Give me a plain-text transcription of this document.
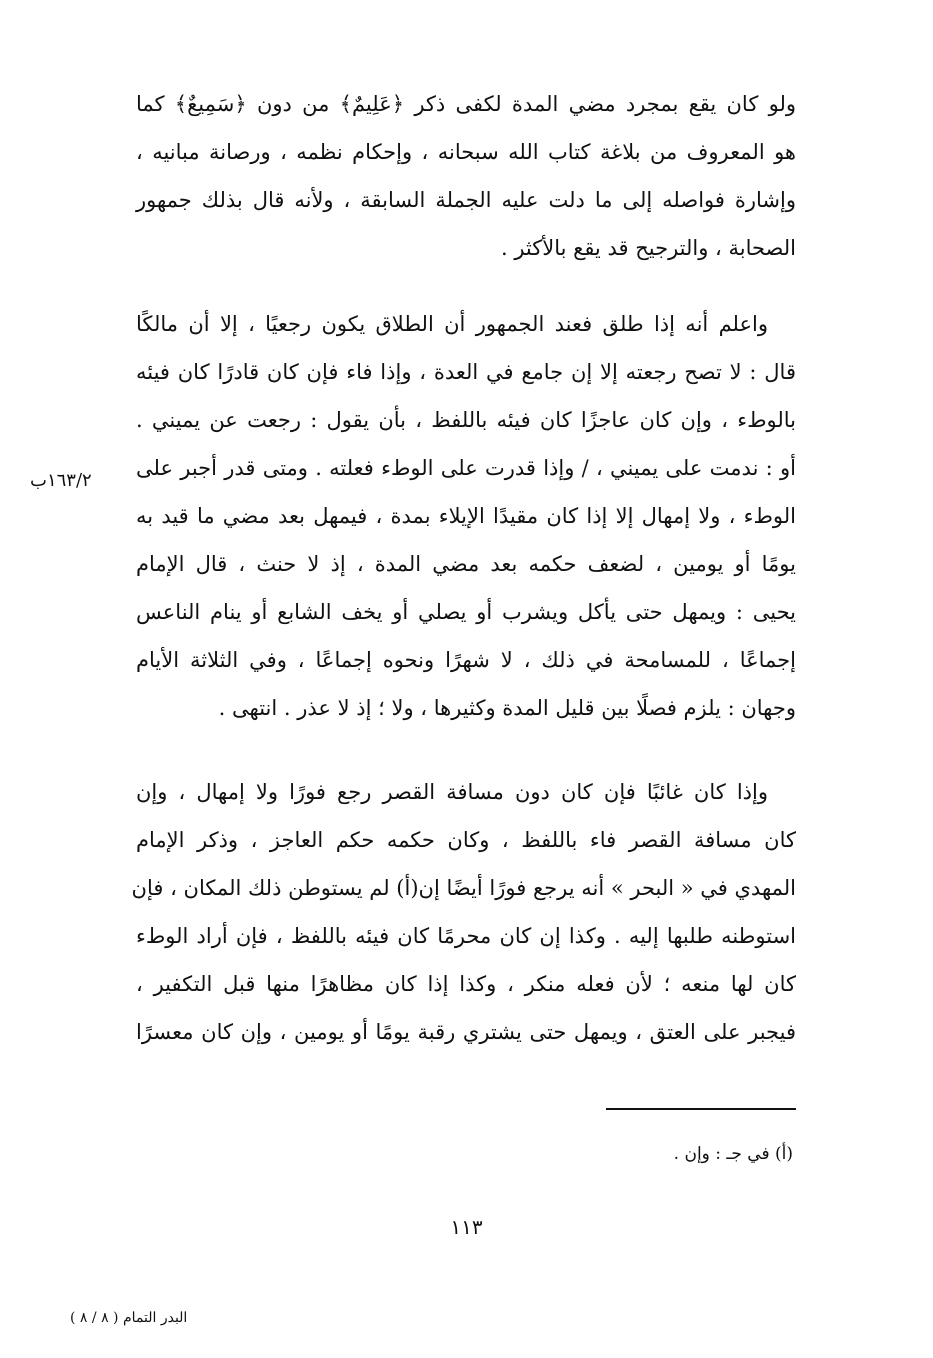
ولو كان يقع بمجرد مضي المدة لكفى ذكر ﴿عَلِيمٌ﴾ من دون ﴿سَمِيعٌ﴾ كما
هو المعروف من بلاغة كتاب الله سبحانه ، وإحكام نظمه ، ورصانة مبانيه ،
وإشارة فواصله إلى ما دلت عليه الجملة السابقة ، ولأنه قال بذلك جمهور
الصحابة ، والترجيح قد يقع بالأكثر .
واعلم أنه إذا طلق فعند الجمهور أن الطلاق يكون رجعيًا ، إلا أن مالكًا
قال : لا تصح رجعته إلا إن جامع في العدة ، وإذا فاء فإن كان قادرًا كان فيئه
بالوطء ، وإن كان عاجزًا كان فيئه باللفظ ، بأن يقول : رجعت عن يميني .
أو : ندمت على يميني ، / وإذا قدرت على الوطء فعلته . ومتى قدر أجبر على
الوطء ، ولا إمهال إلا إذا كان مقيدًا الإيلاء بمدة ، فيمهل بعد مضي ما قيد به
يومًا أو يومين ، لضعف حكمه بعد مضي المدة ، إذ لا حنث ، قال الإمام
يحيى : ويمهل حتى يأكل ويشرب أو يصلي أو يخف الشابع أو ينام الناعس
إجماعًا ، للمسامحة في ذلك ، لا شهرًا ونحوه إجماعًا ، وفي الثلاثة الأيام
وجهان : يلزم فصلًا بين قليل المدة وكثيرها ، ولا ؛ إذ لا عذر . انتهى .
١٦٣/٢ب
وإذا كان غائبًا فإن كان دون مسافة القصر رجع فورًا ولا إمهال ، وإن
كان مسافة القصر فاء باللفظ ، وكان حكمه حكم العاجز ، وذكر الإمام
المهدي في « البحر » أنه يرجع فورًا أيضًا إن(أ) لم يستوطن ذلك المكان ، فإن
استوطنه طلبها إليه . وكذا إن كان محرمًا كان فيئه باللفظ ، فإن أراد الوطء
كان لها منعه ؛ لأن فعله منكر ، وكذا إذا كان مظاهرًا منها قبل التكفير ،
فيجبر على العتق ، ويمهل حتى يشتري رقبة يومًا أو يومين ، وإن كان معسرًا
(أ) في جـ : وإن .
١١٣
البدر التمام ( ٨ / ٨ )
